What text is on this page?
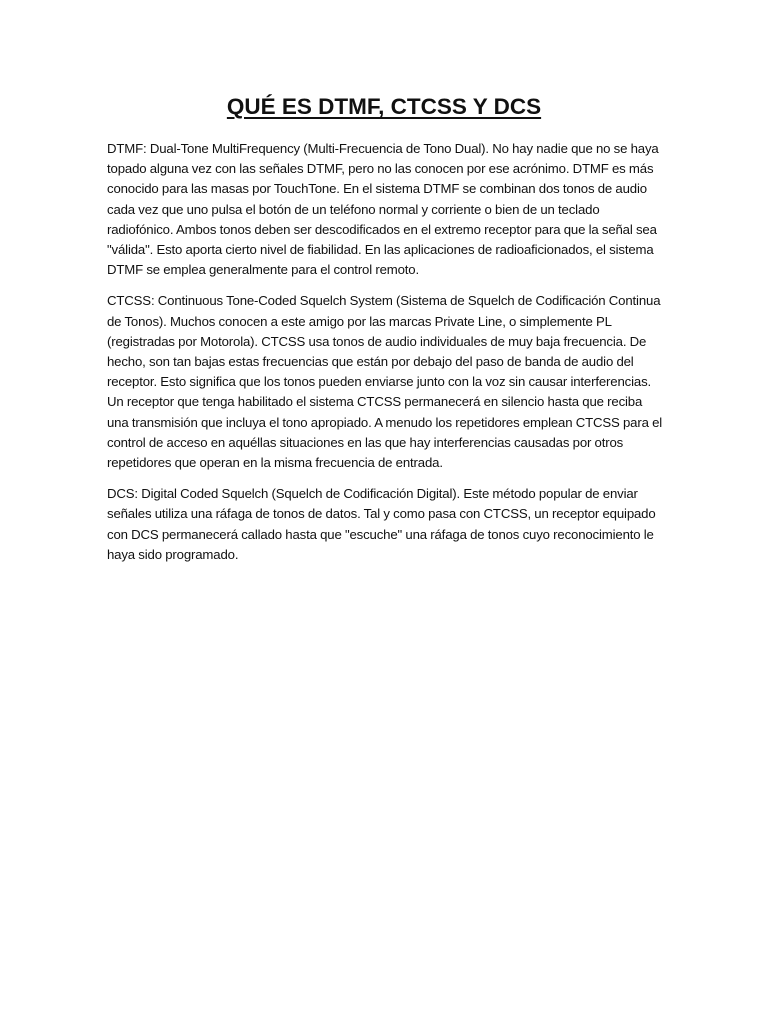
QUÉ ES DTMF, CTCSS Y DCS

DTMF: Dual-Tone MultiFrequency (Multi-Frecuencia de Tono Dual). No hay nadie que no se haya topado alguna vez con las señales DTMF, pero no las conocen por ese acrónimo. DTMF es más conocido para las masas por TouchTone. En el sistema DTMF se combinan dos tonos de audio cada vez que uno pulsa el botón de un teléfono normal y corriente o bien de un teclado radiofónico. Ambos tonos deben ser descodificados en el extremo receptor para que la señal sea "válida". Esto aporta cierto nivel de fiabilidad. En las aplicaciones de radioaficionados, el sistema DTMF se emplea generalmente para el control remoto.

CTCSS: Continuous Tone-Coded Squelch System (Sistema de Squelch de Codificación Continua de Tonos). Muchos conocen a este amigo por las marcas Private Line, o simplemente PL (registradas por Motorola). CTCSS usa tonos de audio individuales de muy baja frecuencia. De hecho, son tan bajas estas frecuencias que están por debajo del paso de banda de audio del receptor. Esto significa que los tonos pueden enviarse junto con la voz sin causar interferencias. Un receptor que tenga habilitado el sistema CTCSS permanecerá en silencio hasta que reciba una transmisión que incluya el tono apropiado. A menudo los repetidores emplean CTCSS para el control de acceso en aquéllas situaciones en las que hay interferencias causadas por otros repetidores que operan en la misma frecuencia de entrada.

DCS: Digital Coded Squelch (Squelch de Codificación Digital). Este método popular de enviar señales utiliza una ráfaga de tonos de datos. Tal y como pasa con CTCSS, un receptor equipado con DCS permanecerá callado hasta que "escuche" una ráfaga de tonos cuyo reconocimiento le haya sido programado.
